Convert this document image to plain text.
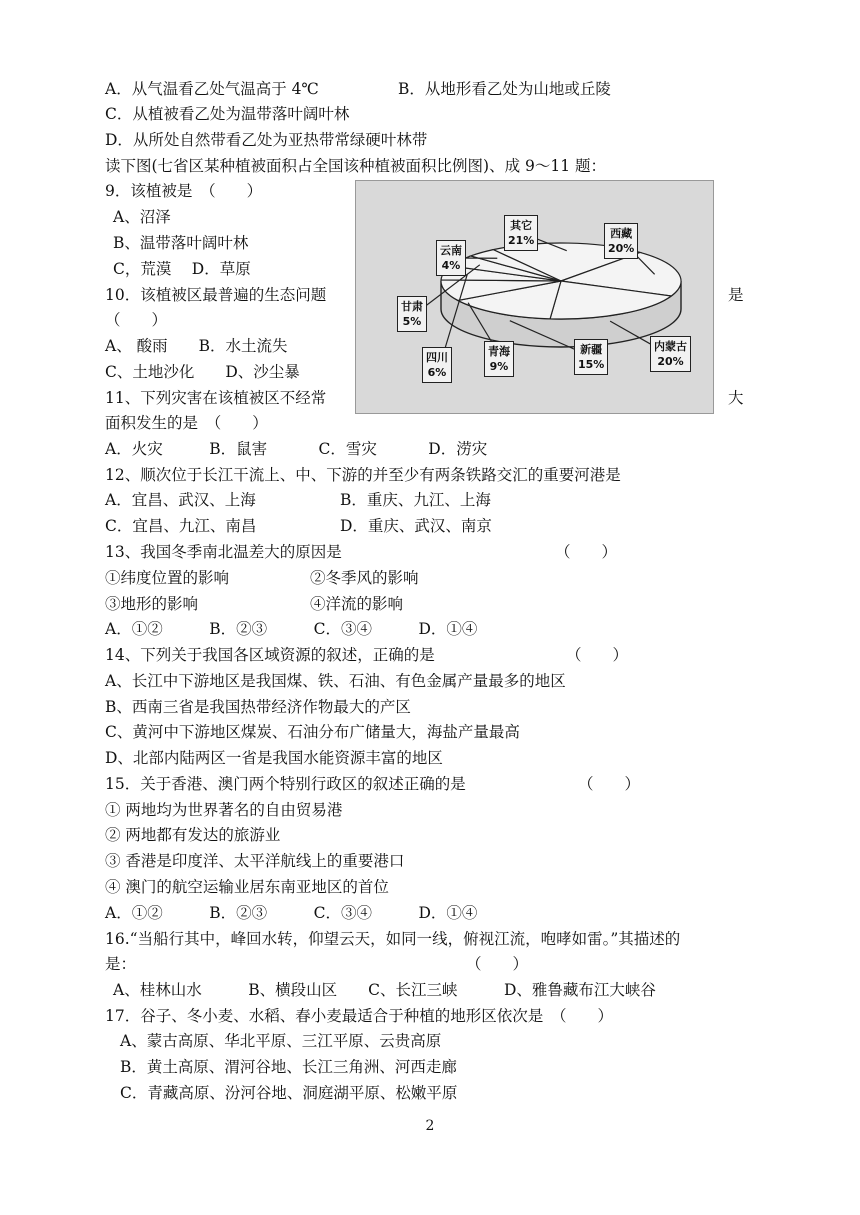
A．从气温看乙处气温高于 4℃	B．从地形看乙处为山地或丘陵
C．从植被看乙处为温带落叶阔叶林
D．从所处自然带看乙处为亚热带常绿硬叶林带
读下图(七省区某种植被面积占全国该种植被面积比例图)、成 9～11 题：
9．该植被是　（　　）
A、沼泽
B、温带落叶阔叶林
C，荒漠　 D．草原
10．该植被区最普遍的生态问题	是
（　　）
A、 酸雨　　B．水土流失
C、土地沙化　　D、沙尘暴
11、下列灾害在该植被区不经常	大
面积发生的是　（　　）
A．火灾　　　B．鼠害　　　 C．雪灾　　　 D．涝灾
12、顺次位于长江干流上、中、下游的并至少有两条铁路交汇的重要河港是
A．宜昌、武汉、上海	B．重庆、九江、上海
C．宜昌、九江、南昌	D．重庆、武汉、南京
13、我国冬季南北温差大的原因是	（　　）
①纬度位置的影响	②冬季风的影响
③地形的影响	④洋流的影响
A．①②　　　B．②③　　　C．③④　　　D．①④
14、下列关于我国各区域资源的叙述，正确的是	（　　）
A、长江中下游地区是我国煤、铁、石油、有色金属产量最多的地区
B、西南三省是我国热带经济作物最大的产区
C、黄河中下游地区煤炭、石油分布广储量大，海盐产量最高
D、北部内陆两区一省是我国水能资源丰富的地区
15．关于香港、澳门两个特别行政区的叙述正确的是	（　　）
① 两地均为世界著名的自由贸易港
② 两地都有发达的旅游业
③ 香港是印度洋、太平洋航线上的重要港口
④ 澳门的航空运输业居东南亚地区的首位
A．①②　　　B．②③　　　C．③④　　　D．①④
16.“当船行其中，峰回水转，仰望云天，如同一线，俯视江流，咆哮如雷。”其描述的
是：	（　　）
A、桂林山水　　　B、横段山区　　C、长江三峡　　　D、雅鲁藏布江大峡谷
17．谷子、冬小麦、水稻、春小麦最适合于种植的地形区依次是　（　　）
A、蒙古高原、华北平原、三江平原、云贵高原
B．黄土高原、渭河谷地、长江三角洲、河西走廊
C．青藏高原、汾河谷地、洞庭湖平原、松嫩平原
其它
21%
西藏
20%
内蒙古
20%
新疆
15%
青海
9%
四川
6%
甘肃
5%
云南
4%
2
